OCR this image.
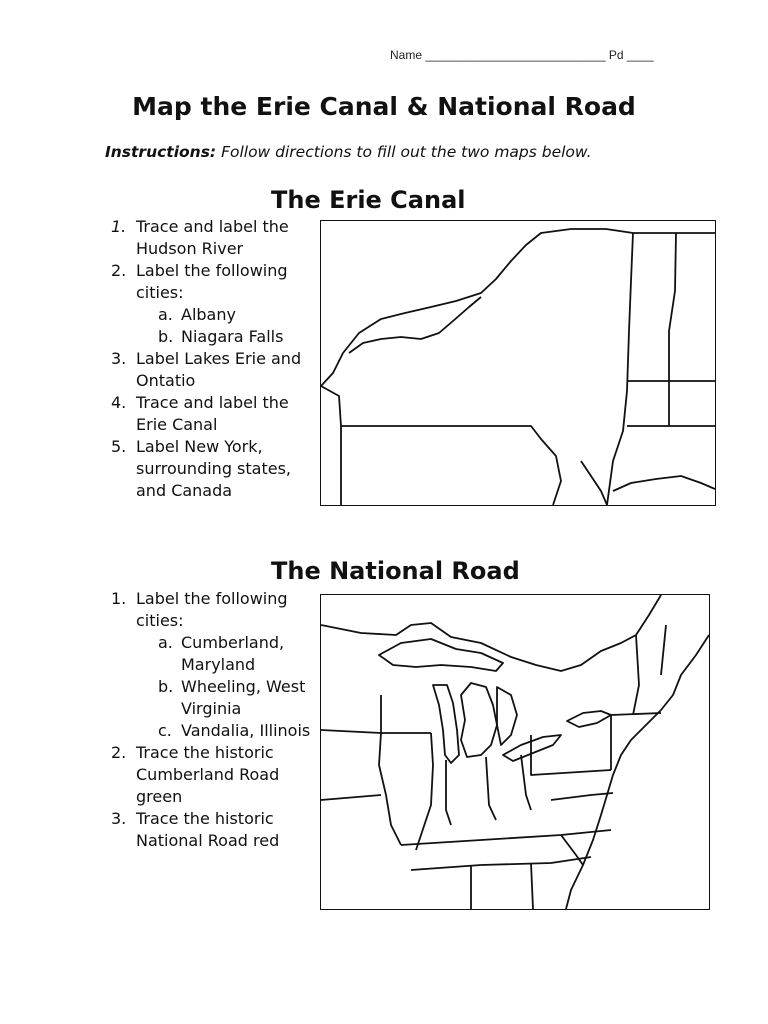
Name ___________________________ Pd ____
Map the Erie Canal & National Road
Instructions: Follow directions to fill out the two maps below.
The Erie Canal
1. Trace and label the Hudson River
2. Label the following cities:
a. Albany
b. Niagara Falls
3. Label Lakes Erie and Ontatio
4. Trace and label the Erie Canal
5. Label New York, surrounding states, and Canada
The National Road
1. Label the following cities:
a. Cumberland, Maryland
b. Wheeling, West Virginia
c. Vandalia, Illinois
2. Trace the historic Cumberland Road green
3. Trace the historic National Road red
